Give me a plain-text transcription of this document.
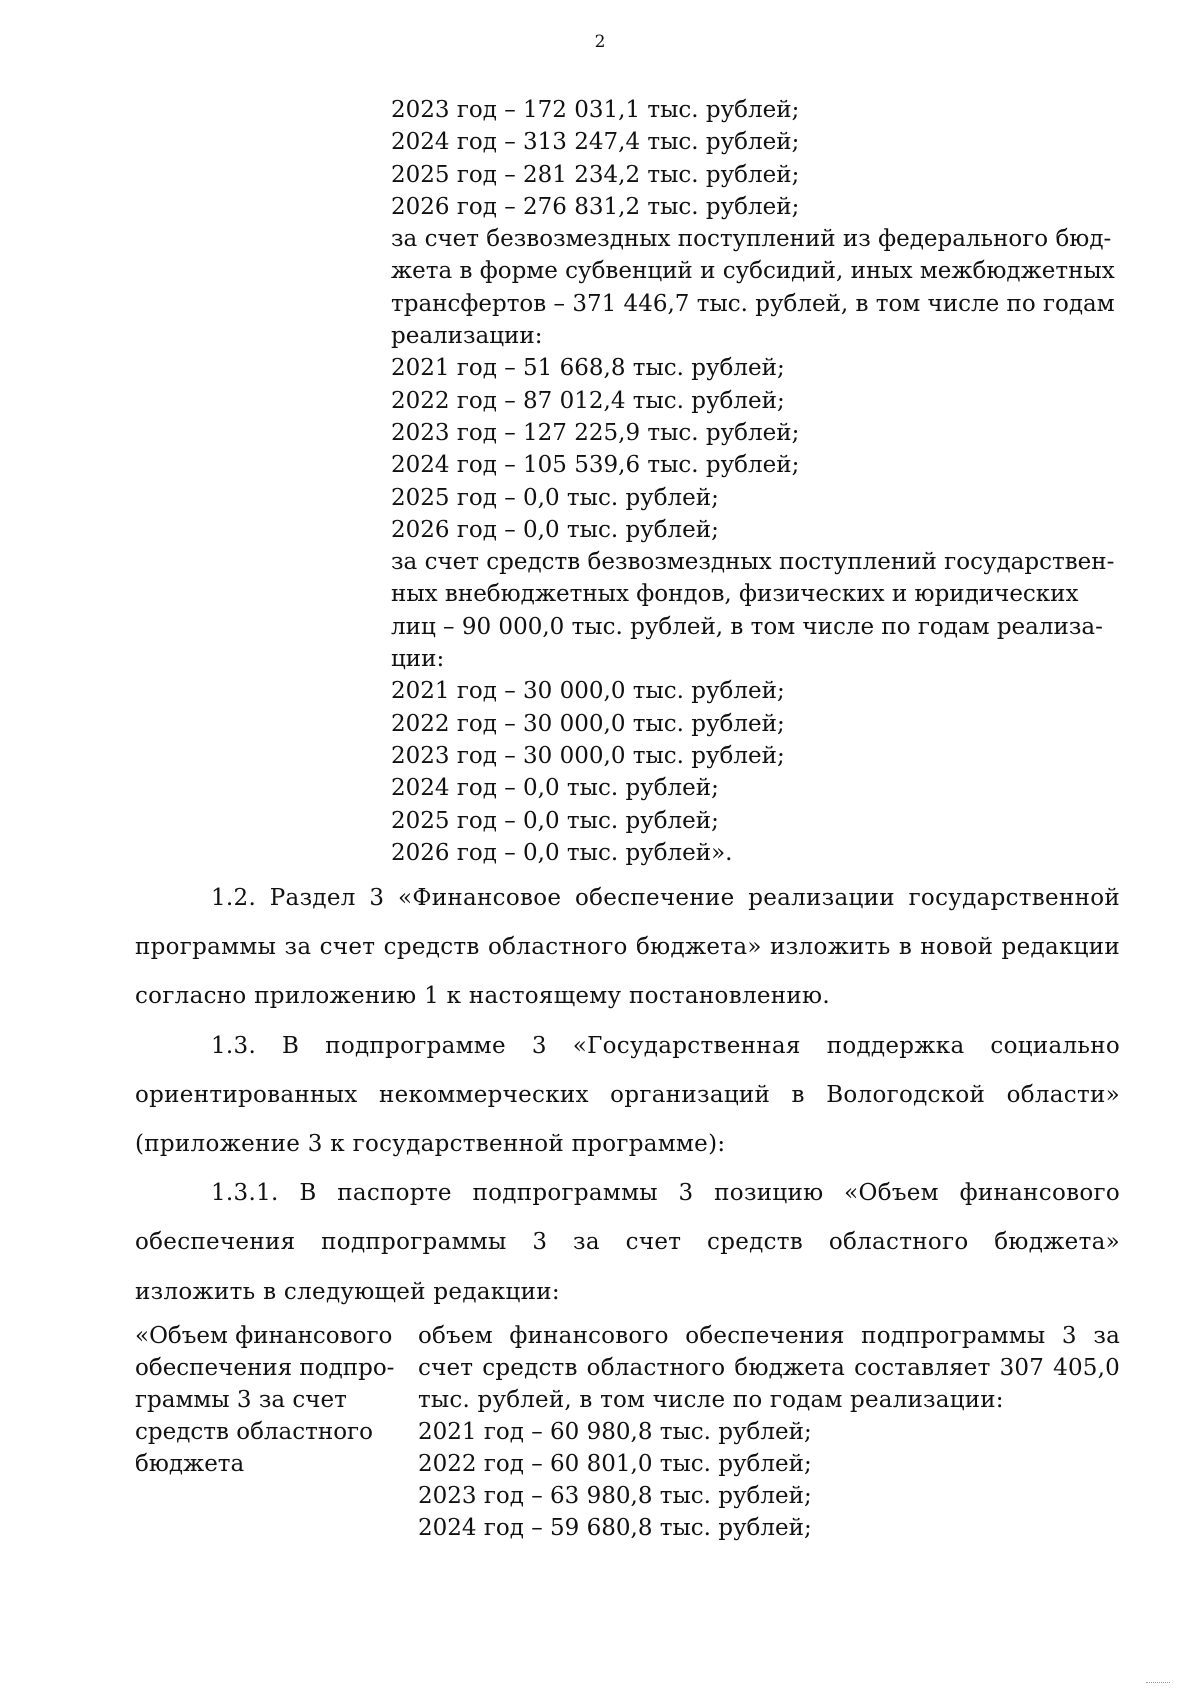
2
2023 год – 172 031,1 тыс. рублей;
2024 год – 313 247,4 тыс. рублей;
2025 год – 281 234,2 тыс. рублей;
2026 год – 276 831,2 тыс. рублей;
за счет безвозмездных поступлений из федерального бюд-
жета в форме субвенций и субсидий, иных межбюджетных
трансфертов – 371 446,7 тыс. рублей, в том числе по годам
реализации:
2021 год – 51 668,8 тыс. рублей;
2022 год – 87 012,4 тыс. рублей;
2023 год – 127 225,9 тыс. рублей;
2024 год – 105 539,6 тыс. рублей;
2025 год – 0,0 тыс. рублей;
2026 год – 0,0 тыс. рублей;
за счет средств безвозмездных поступлений государствен-
ных внебюджетных фондов, физических и юридических
лиц – 90 000,0 тыс. рублей, в том числе по годам реализа-
ции:
2021 год – 30 000,0 тыс. рублей;
2022 год – 30 000,0 тыс. рублей;
2023 год – 30 000,0 тыс. рублей;
2024 год – 0,0 тыс. рублей;
2025 год – 0,0 тыс. рублей;
2026 год – 0,0 тыс. рублей».

1.2. Раздел 3 «Финансовое обеспечение реализации государственной программы за счет средств областного бюджета» изложить в новой редакции согласно приложению 1 к настоящему постановлению.

1.3. В подпрограмме 3 «Государственная поддержка социально ориентированных некоммерческих организаций в Вологодской области» (приложение 3 к государственной программе):

1.3.1. В паспорте подпрограммы 3 позицию «Объем финансового обеспечения подпрограммы 3 за счет средств областного бюджета» изложить в следующей редакции:

«Объем финансового
обеспечения подпро-
граммы 3 за счет
средств областного
бюджета
объем финансового обеспечения подпрограммы 3 за счет средств областного бюджета составляет 307 405,0 тыс. рублей, в том числе по годам реализации:
2021 год – 60 980,8 тыс. рублей;
2022 год – 60 801,0 тыс. рублей;
2023 год – 63 980,8 тыс. рублей;
2024 год – 59 680,8 тыс. рублей;
